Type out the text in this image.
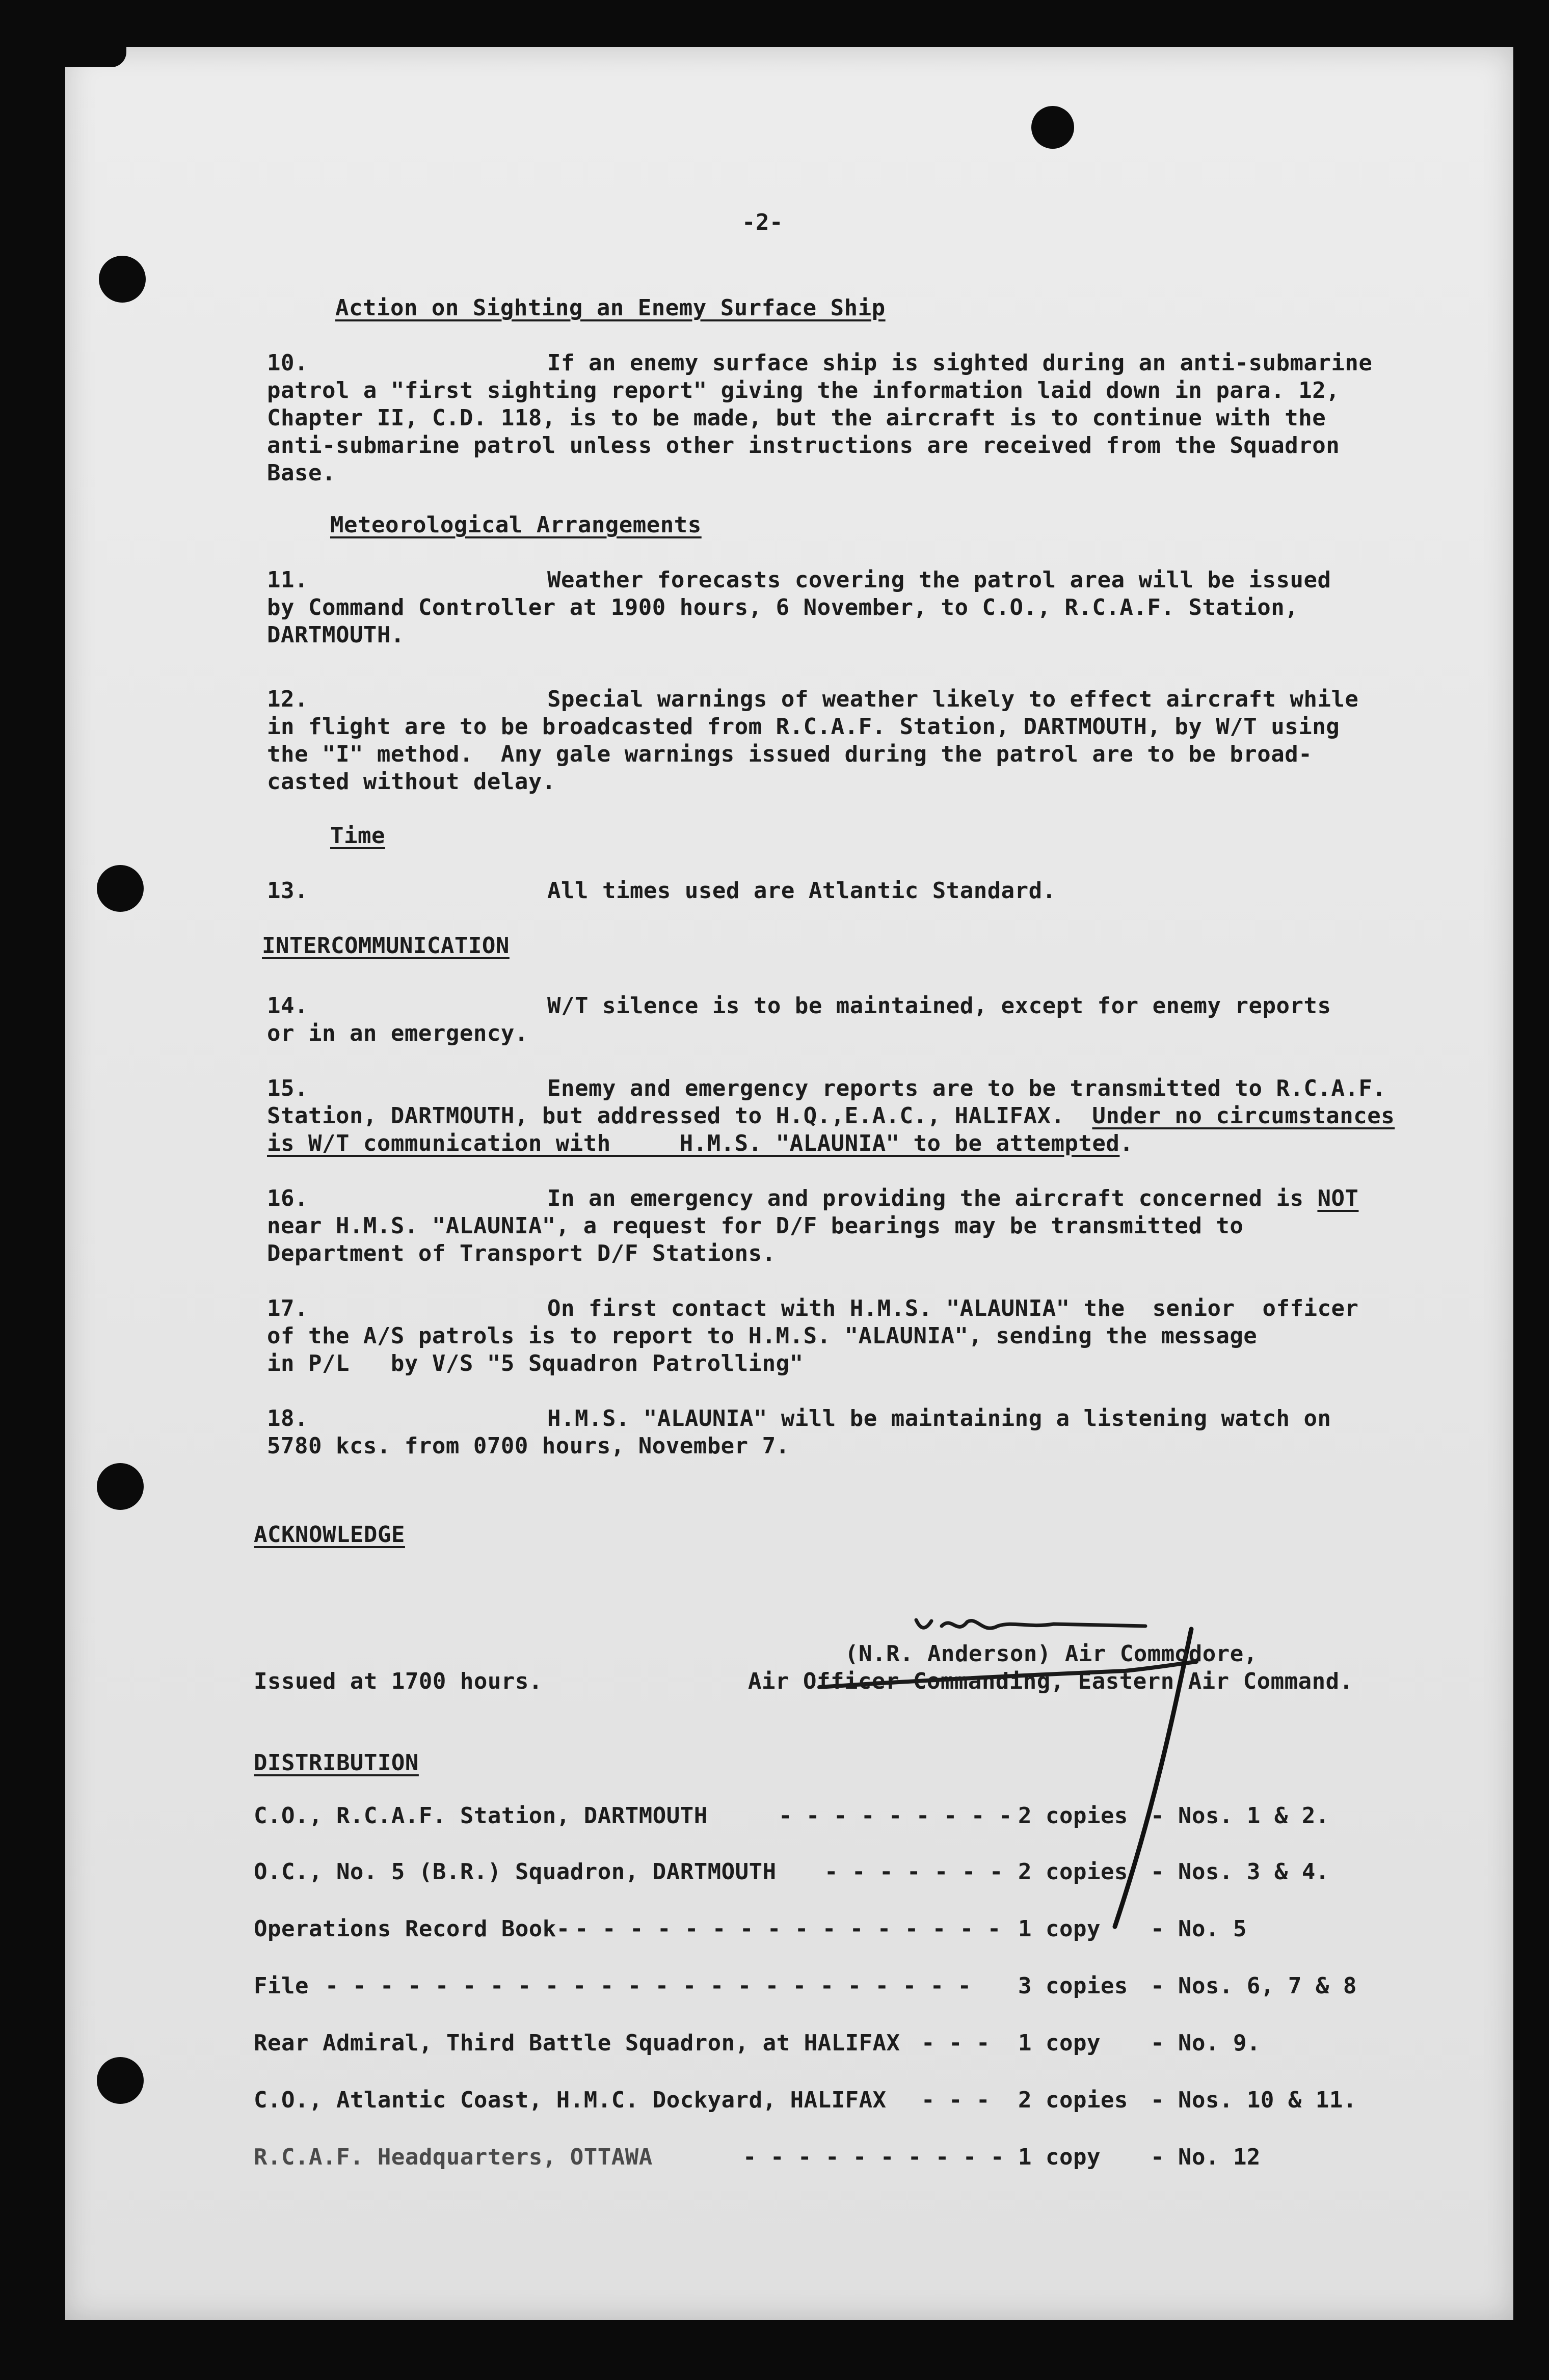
-2-
Action on Sighting an Enemy Surface Ship
10.	If an enemy surface ship is sighted during an anti-submarine
patrol a "first sighting report" giving the information laid down in para. 12,
Chapter II, C.D. 118, is to be made, but the aircraft is to continue with the
anti-submarine patrol unless other instructions are received from the Squadron
Base.
Meteorological Arrangements
11.	Weather forecasts covering the patrol area will be issued
by Command Controller at 1900 hours, 6 November, to C.O., R.C.A.F. Station,
DARTMOUTH.
12.	Special warnings of weather likely to effect aircraft while
in flight are to be broadcasted from R.C.A.F. Station, DARTMOUTH, by W/T using
the "I" method.  Any gale warnings issued during the patrol are to be broad-
casted without delay.
Time
13.	All times used are Atlantic Standard.
INTERCOMMUNICATION
14.	W/T silence is to be maintained, except for enemy reports
or in an emergency.
15.	Enemy and emergency reports are to be transmitted to R.C.A.F.
Station, DARTMOUTH, but addressed to H.Q.,E.A.C., HALIFAX.  Under no circumstances
is W/T communication with     H.M.S. "ALAUNIA" to be attempted.
16.	In an emergency and providing the aircraft concerned is NOT
near H.M.S. "ALAUNIA", a request for D/F bearings may be transmitted to
Department of Transport D/F Stations.
17.	On first contact with H.M.S. "ALAUNIA" the  senior  officer
of the A/S patrols is to report to H.M.S. "ALAUNIA", sending the message
in P/L   by V/S "5 Squadron Patrolling"
18.	H.M.S. "ALAUNIA" will be maintaining a listening watch on
5780 kcs. from 0700 hours, November 7.
ACKNOWLEDGE
Issued at 1700 hours.
(N.R. Anderson) Air Commodore,
Air Officer Commanding, Eastern Air Command.
DISTRIBUTION
C.O., R.C.A.F. Station, DARTMOUTH	- - - - - - - - - 2 copies - Nos. 1 & 2.
O.C., No. 5 (B.R.) Squadron, DARTMOUTH - - - - - - - 2 copies - Nos. 3 & 4.
Operations Record Book- - - - - - - - - - - - - - - - - 1 copy - No. 5
File - - - - - - - - - - - - - - - - - - - - - - - - 3 copies - Nos. 6, 7 & 8
Rear Admiral, Third Battle Squadron, at HALIFAX - - - 1 copy - No. 9.
C.O., Atlantic Coast, H.M.C. Dockyard, HALIFAX - - - 2 copies - Nos. 10 & 11.
R.C.A.F. Headquarters, OTTAWA	- - - - - - - - - - 1 copy - No. 12
